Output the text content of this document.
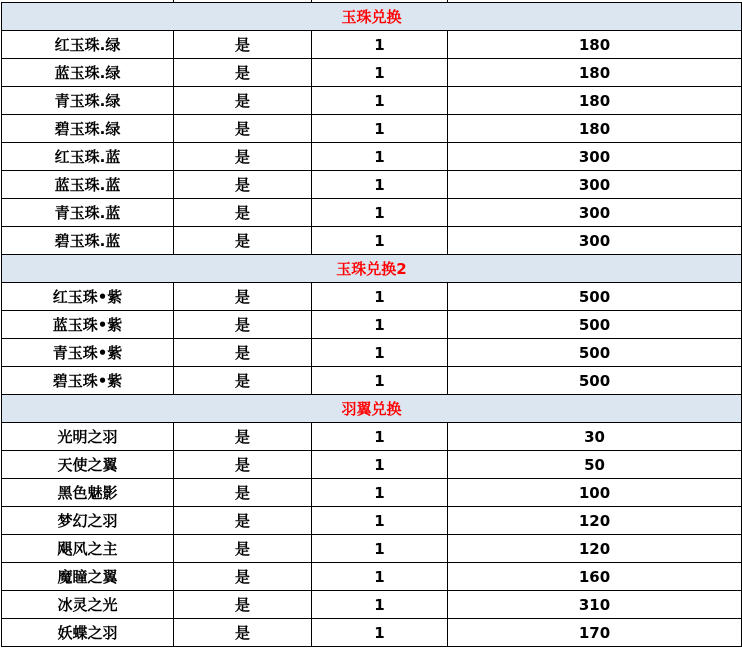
玉珠兑换			
红玉珠.绿	是	1	180
蓝玉珠.绿	是	1	180
青玉珠.绿	是	1	180
碧玉珠.绿	是	1	180
红玉珠.蓝	是	1	300
蓝玉珠.蓝	是	1	300
青玉珠.蓝	是	1	300
碧玉珠.蓝	是	1	300
玉珠兑换2			
红玉珠•紫	是	1	500
蓝玉珠•紫	是	1	500
青玉珠•紫	是	1	500
碧玉珠•紫	是	1	500
羽翼兑换			
光明之羽	是	1	30
天使之翼	是	1	50
黑色魅影	是	1	100
梦幻之羽	是	1	120
飓风之主	是	1	120
魔瞳之翼	是	1	160
冰灵之光	是	1	310
妖蝶之羽	是	1	170
